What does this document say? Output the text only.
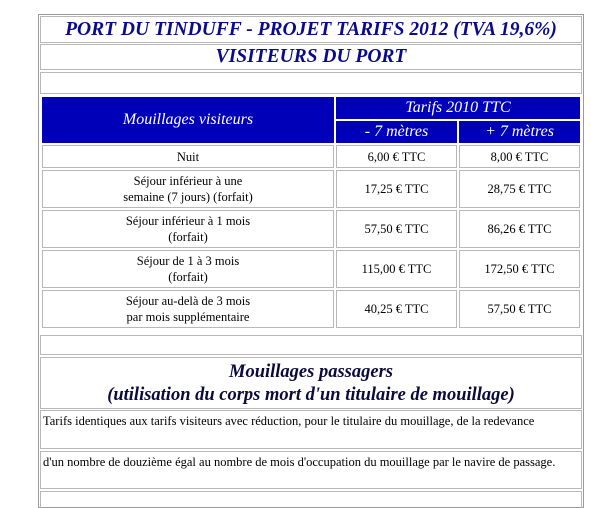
PORT DU TINDUFF - PROJET TARIFS 2012 (TVA 19,6%)
VISITEURS DU PORT
Mouillages visiteurs	Tarifs 2010 TTC	
	- 7 mètres	+ 7 mètres
Nuit	6,00 € TTC	8,00 € TTC
Séjour inférieur à une
semaine (7 jours) (forfait)	17,25 € TTC	28,75 € TTC
Séjour inférieur à 1 mois
(forfait)	57,50 € TTC	86,26 € TTC
Séjour de 1 à 3 mois
(forfait)	115,00 € TTC	172,50 € TTC
Séjour au-delà de 3 mois
par mois supplémentaire	40,25 € TTC	57,50 € TTC
Mouillages passagers
(utilisation du corps mort d'un titulaire de mouillage)
Tarifs identiques aux tarifs visiteurs avec réduction, pour le titulaire du mouillage, de la redevance
d'un nombre de douzième égal au nombre de mois d'occupation du mouillage par le navire de passage.
